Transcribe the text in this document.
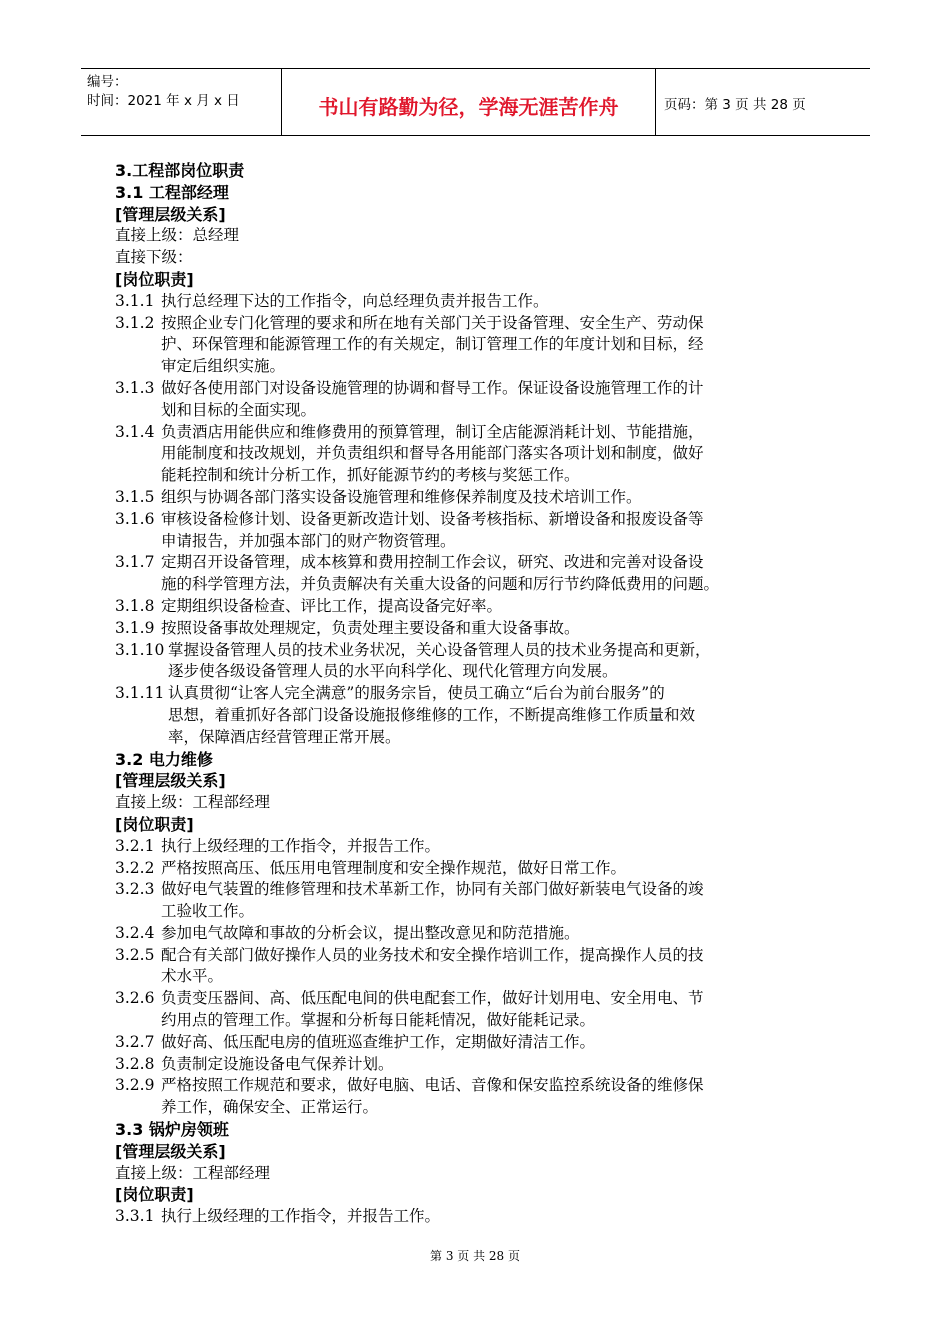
编号：
时间：2021 年 x 月 x 日	书山有路勤为径，学海无涯苦作舟	页码：第 3 页 共 28 页
3.工程部岗位职责
3.1 工程部经理
[管理层级关系]
直接上级：总经理
直接下级：
[岗位职责]
3.1.1 执行总经理下达的工作指令，向总经理负责并报告工作。
3.1.2 按照企业专门化管理的要求和所在地有关部门关于设备管理、安全生产、劳动保
护、环保管理和能源管理工作的有关规定，制订管理工作的年度计划和目标，经
审定后组织实施。
3.1.3 做好各使用部门对设备设施管理的协调和督导工作。保证设备设施管理工作的计
划和目标的全面实现。
3.1.4 负责酒店用能供应和维修费用的预算管理，制订全店能源消耗计划、节能措施，
用能制度和技改规划，并负责组织和督导各用能部门落实各项计划和制度，做好
能耗控制和统计分析工作，抓好能源节约的考核与奖惩工作。
3.1.5 组织与协调各部门落实设备设施管理和维修保养制度及技术培训工作。
3.1.6 审核设备检修计划、设备更新改造计划、设备考核指标、新增设备和报废设备等
申请报告，并加强本部门的财产物资管理。
3.1.7 定期召开设备管理，成本核算和费用控制工作会议，研究、改进和完善对设备设
施的科学管理方法，并负责解决有关重大设备的问题和厉行节约降低费用的问题。
3.1.8 定期组织设备检查、评比工作，提高设备完好率。
3.1.9 按照设备事故处理规定，负责处理主要设备和重大设备事故。
3.1.10 掌握设备管理人员的技术业务状况，关心设备管理人员的技术业务提高和更新，
逐步使各级设备管理人员的水平向科学化、现代化管理方向发展。
3.1.11 认真贯彻“让客人完全满意”的服务宗旨，使员工确立“后台为前台服务”的
思想，着重抓好各部门设备设施报修维修的工作，不断提高维修工作质量和效
率，保障酒店经营管理正常开展。
3.2 电力维修
[管理层级关系]
直接上级：工程部经理
[岗位职责]
3.2.1 执行上级经理的工作指令，并报告工作。
3.2.2 严格按照高压、低压用电管理制度和安全操作规范，做好日常工作。
3.2.3 做好电气装置的维修管理和技术革新工作，协同有关部门做好新装电气设备的竣
工验收工作。
3.2.4 参加电气故障和事故的分析会议，提出整改意见和防范措施。
3.2.5 配合有关部门做好操作人员的业务技术和安全操作培训工作，提高操作人员的技
术水平。
3.2.6 负责变压器间、高、低压配电间的供电配套工作，做好计划用电、安全用电、节
约用点的管理工作。掌握和分析每日能耗情况，做好能耗记录。
3.2.7 做好高、低压配电房的值班巡查维护工作，定期做好清洁工作。
3.2.8 负责制定设施设备电气保养计划。
3.2.9 严格按照工作规范和要求，做好电脑、电话、音像和保安监控系统设备的维修保
养工作，确保安全、正常运行。
3.3 锅炉房领班
[管理层级关系]
直接上级：工程部经理
[岗位职责]
3.3.1 执行上级经理的工作指令，并报告工作。
第 3 页 共 28 页
